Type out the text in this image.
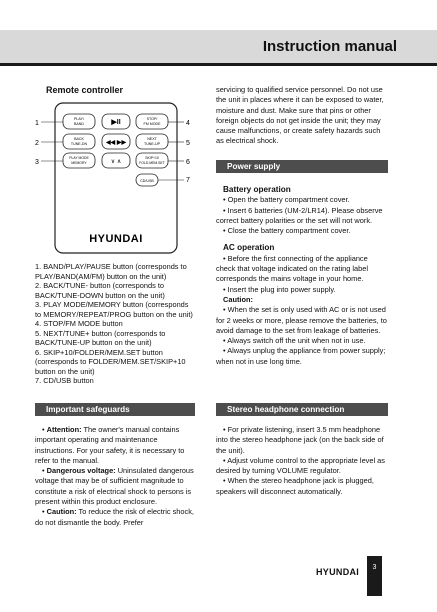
Instruction manual
Remote controller
1
2
3
4
5
6
7
PLAY/
BAND	▶II	STOP/
FM MODE
BACK
TUNE-DN	◀◀ ▶▶
NEXT
TUNE-UP
PLAY MODE
MEMORY	∨ ∧
SKIP+10
FOLD.MEM.SET
CD/USB
HYUNDAI
1. BAND/PLAY/PAUSE button (corresponds to PLAY/BAND(AM/FM) button on the unit)
2. BACK/TUNE- button (corresponds to BACK/TUNE-DOWN button on the unit)
3. PLAY MODE/MEMORY button (corresponds to MEMORY/REPEAT/PROG button on the unit)
4. STOP/FM MODE button
5. NEXT/TUNE+ button (corresponds to BACK/TUNE-UP button on the unit)
6. SKIP+10/FOLDER/MEM.SET button (corresponds to FOLDER/MEM.SET/SKIP+10 button on the unit)
7. CD/USB button

servicing to qualified service personnel. Do not use the unit in places where it can be exposed to water, moisture and dust. Make sure that pins or other foreign objects do not get inside the unit; they may cause malfunctions, or create safety hazards such as electrical shock.

Power supply
Battery operation

• Open the battery compartment cover.

• Insert 6 batteries (UM-2/LR14). Please observe correct battery polarities or the set will not work.

• Close the battery compartment cover.

AC operation

• Before the first connecting of the appliance check that voltage indicated on the rating label corresponds the mains voltage in your home.

• Insert the plug into power supply.

Caution:

• When the set is only used with AC or is not used for 2 weeks or more, please remove the batteries, to avoid damage to the set from leakage of batteries.

• Always switch off the unit when not in use.

• Always unplug the appliance from power supply; when not in use long time.

Important safeguards

• Attention: The owner's manual contains important operating and maintenance instructions. For your safety, it is necessary to refer to the manual.

• Dangerous voltage: Uninsulated dangerous voltage that may be of sufficient magnitude to constitute a risk of electrical shock to persons is present within this product enclosure.

• Caution: To reduce the risk of electric shock, do not dismantle the body. Prefer

Stereo headphone connection

• For private listening, insert 3.5 mm headphone into the stereo headphone jack (on the back side of the unit).

• Adjust volume control to the appropriate level as desired by turning VOLUME regulator.

• When the stereo headphone jack is plugged, speakers will disconnect automatically.

HYUNDAI	3
